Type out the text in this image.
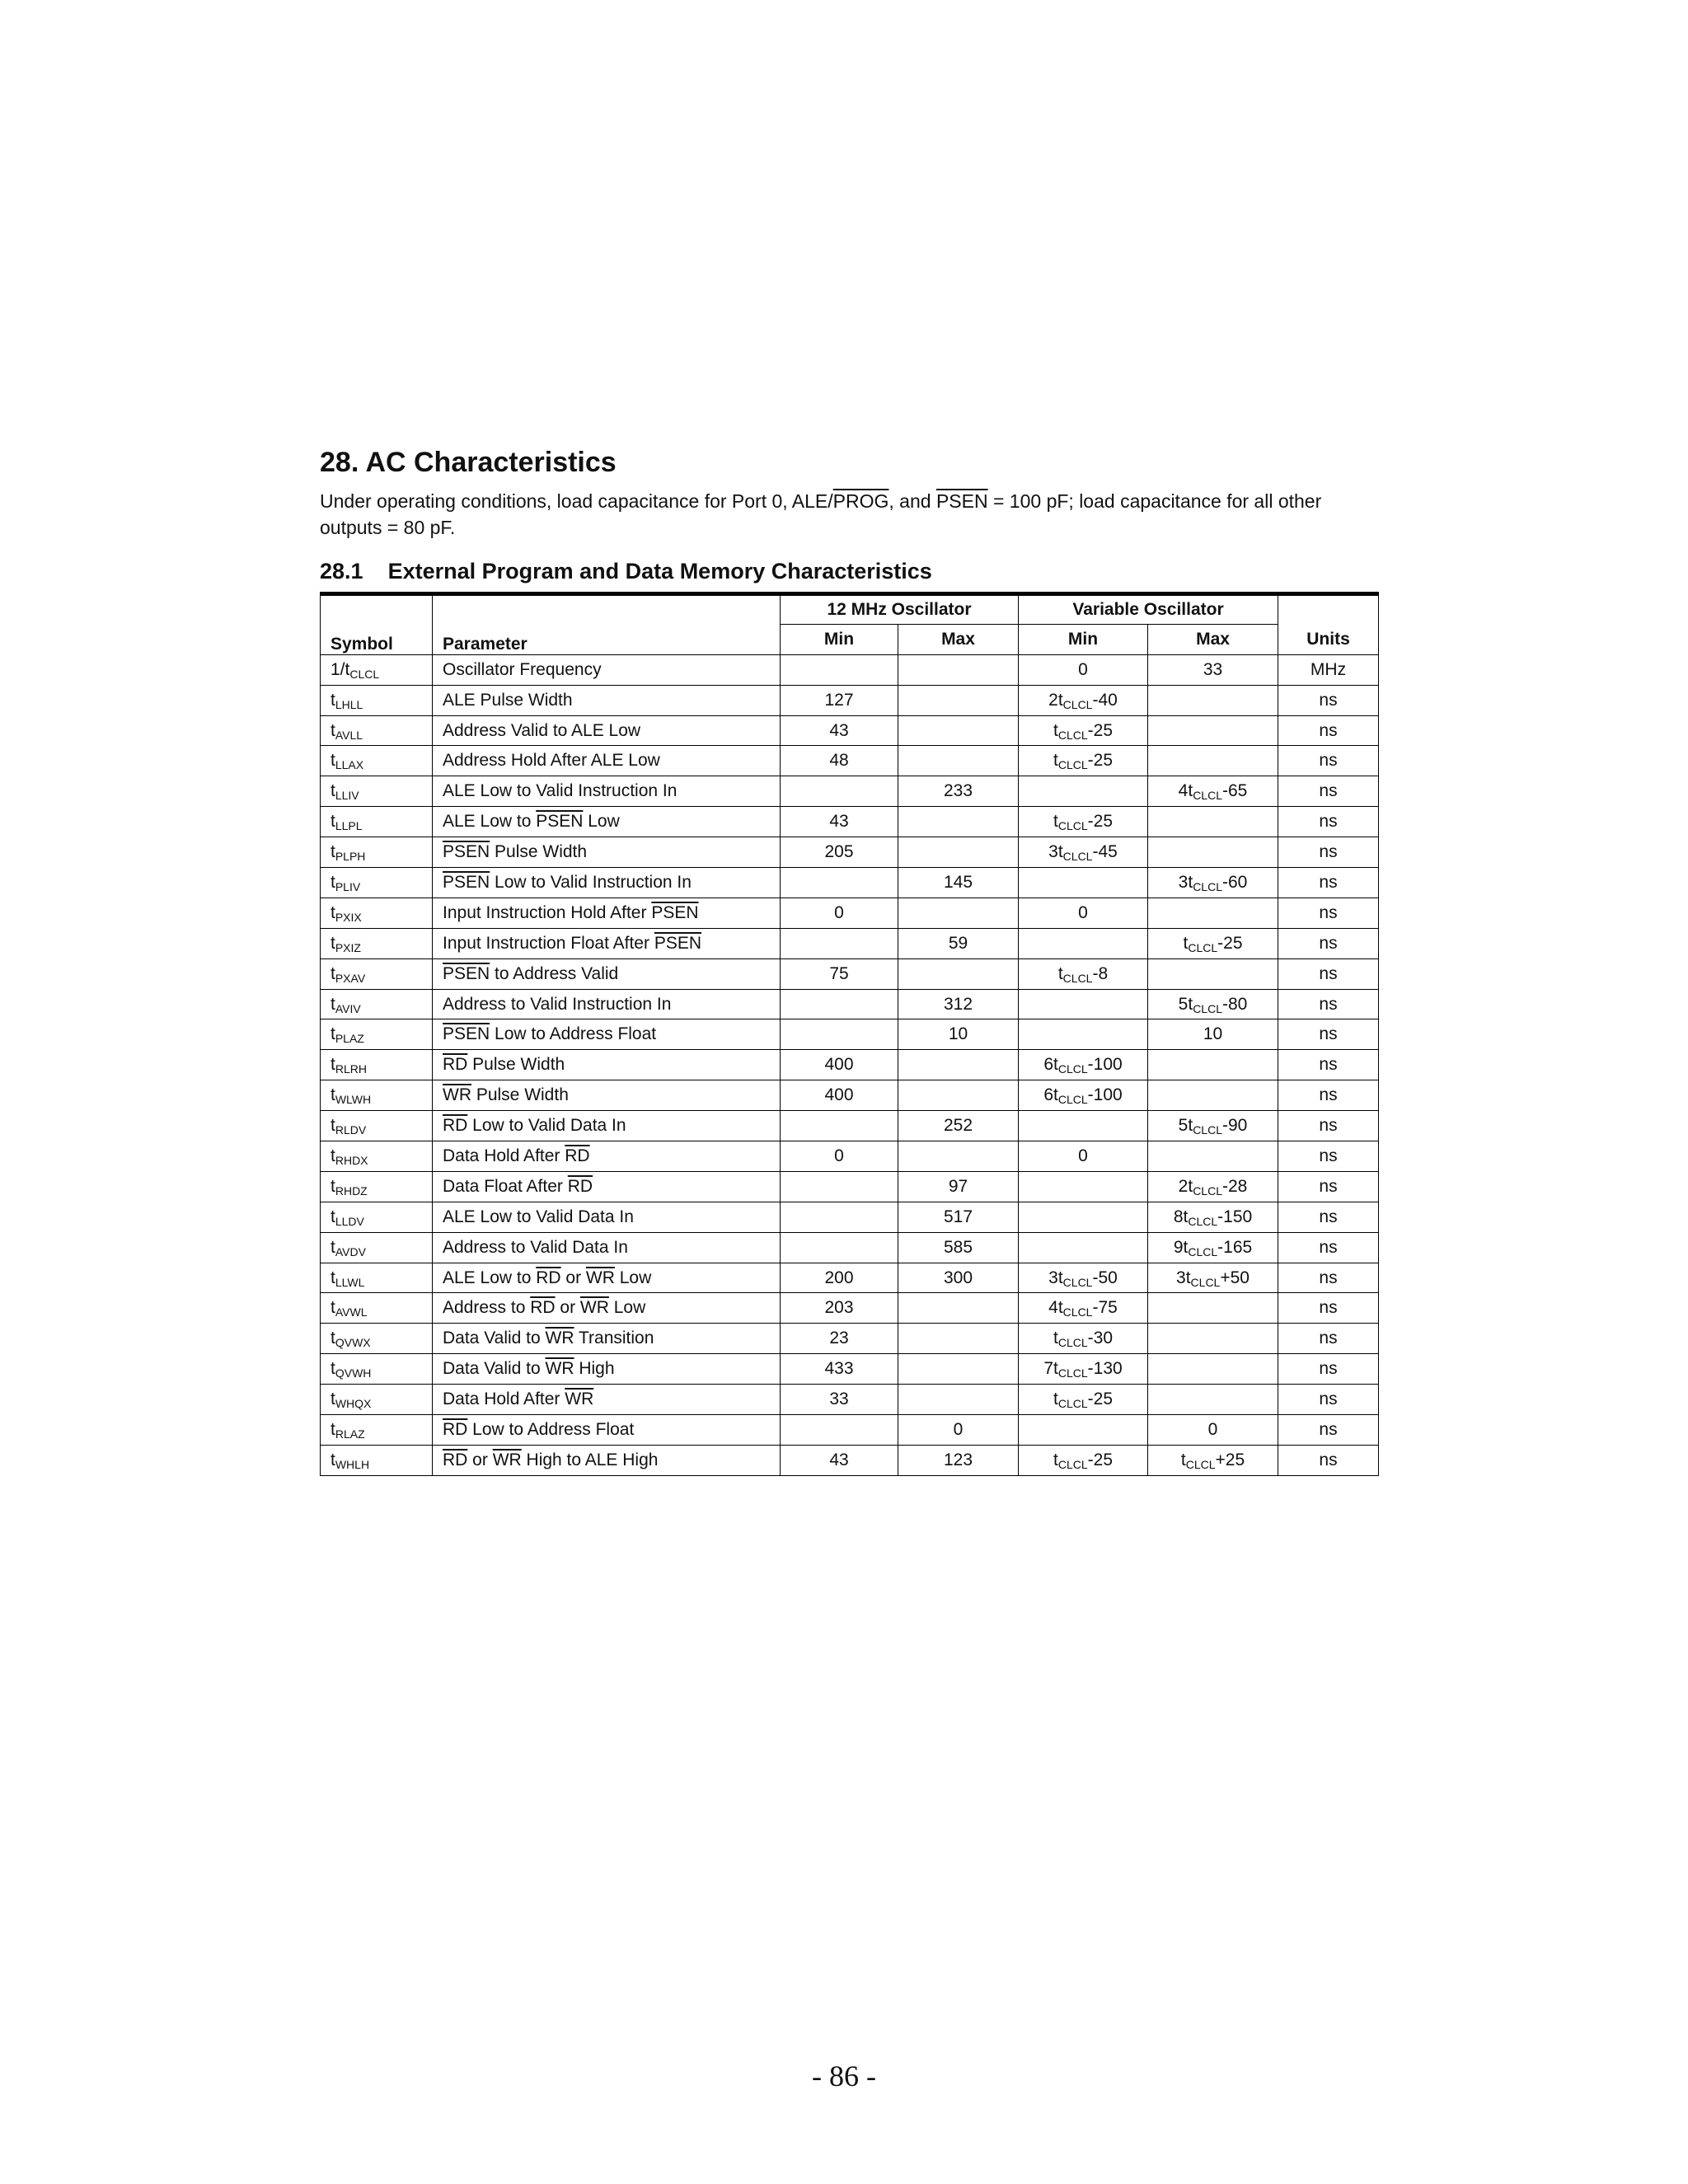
28. AC Characteristics
Under operating conditions, load capacitance for Port 0, ALE/PROG, and PSEN = 100 pF; load capacitance for all other outputs = 80 pF.
28.1 External Program and Data Memory Characteristics
Symbol	Parameter	12 MHz Oscillator		Variable Oscillator		Units
		Min	Max	Min	Max	
$1/t_{CLCL}$	Oscillator Frequency			0	33	MHz
$t_{LHLL}$	ALE Pulse Width	127		$2t_{CLCL}-40$		ns
$t_{AVLL}$	Address Valid to ALE Low	43		$t_{CLCL}-25$		ns
$t_{LLAX}$	Address Hold After ALE Low	48		$t_{CLCL}-25$		ns
$t_{LLIV}$	ALE Low to Valid Instruction In		233		$4t_{CLCL}-65$	ns
$t_{LLPL}$	ALE Low to PSEN Low	43		$t_{CLCL}-25$		ns
$t_{PLPH}$	PSEN Pulse Width	205		$3t_{CLCL}-45$		ns
$t_{PLIV}$	PSEN Low to Valid Instruction In		145		$3t_{CLCL}-60$	ns
$t_{PXIX}$	Input Instruction Hold After PSEN	0		0		ns
$t_{PXIZ}$	Input Instruction Float After PSEN		59		$t_{CLCL}-25$	ns
$t_{PXAV}$	PSEN to Address Valid	75		$t_{CLCL}-8$		ns
$t_{AVIV}$	Address to Valid Instruction In		312		$5t_{CLCL}-80$	ns
$t_{PLAZ}$	PSEN Low to Address Float		10		10	ns
$t_{RLRH}$	$\overline{RD}$ Pulse Width	400		$6t_{CLCL}-100$		ns
$t_{WLWH}$	$\overline{WR}$ Pulse Width	400		$6t_{CLCL}-100$		ns
$t_{RLDV}$	$\overline{RD}$ Low to Valid Data In		252		$5t_{CLCL}-90$	ns
$t_{RHDX}$	Data Hold After $\overline{RD}$	0		0		ns
$t_{RHDZ}$	Data Float After $\overline{RD}$		97		$2t_{CLCL}-28$	ns
$t_{LLDV}$	ALE Low to Valid Data In		517		$8t_{CLCL}-150$	ns
$t_{AVDV}$	Address to Valid Data In		585		$9t_{CLCL}-165$	ns
$t_{LLWL}$	ALE Low to $\overline{RD}$ or $\overline{WR}$ Low	200	300	$3t_{CLCL}-50$	$3t_{CLCL}+50$	ns
$t_{AVWL}$	Address to $\overline{RD}$ or $\overline{WR}$ Low	203		$4t_{CLCL}-75$		ns
$t_{QVWX}$	Data Valid to $\overline{WR}$ Transition	23		$t_{CLCL}-30$		ns
$t_{QVWH}$	Data Valid to $\overline{WR}$ High	433		$7t_{CLCL}-130$		ns
$t_{WHQX}$	Data Hold After $\overline{WR}$	33		$t_{CLCL}-25$		ns
$t_{RLAZ}$	$\overline{RD}$ Low to Address Float		0		0	ns
$t_{WHLH}$	$\overline{RD}$ or $\overline{WR}$ High to ALE High	43	123	$t_{CLCL}-25$	$t_{CLCL}+25$	ns
- 86 -
